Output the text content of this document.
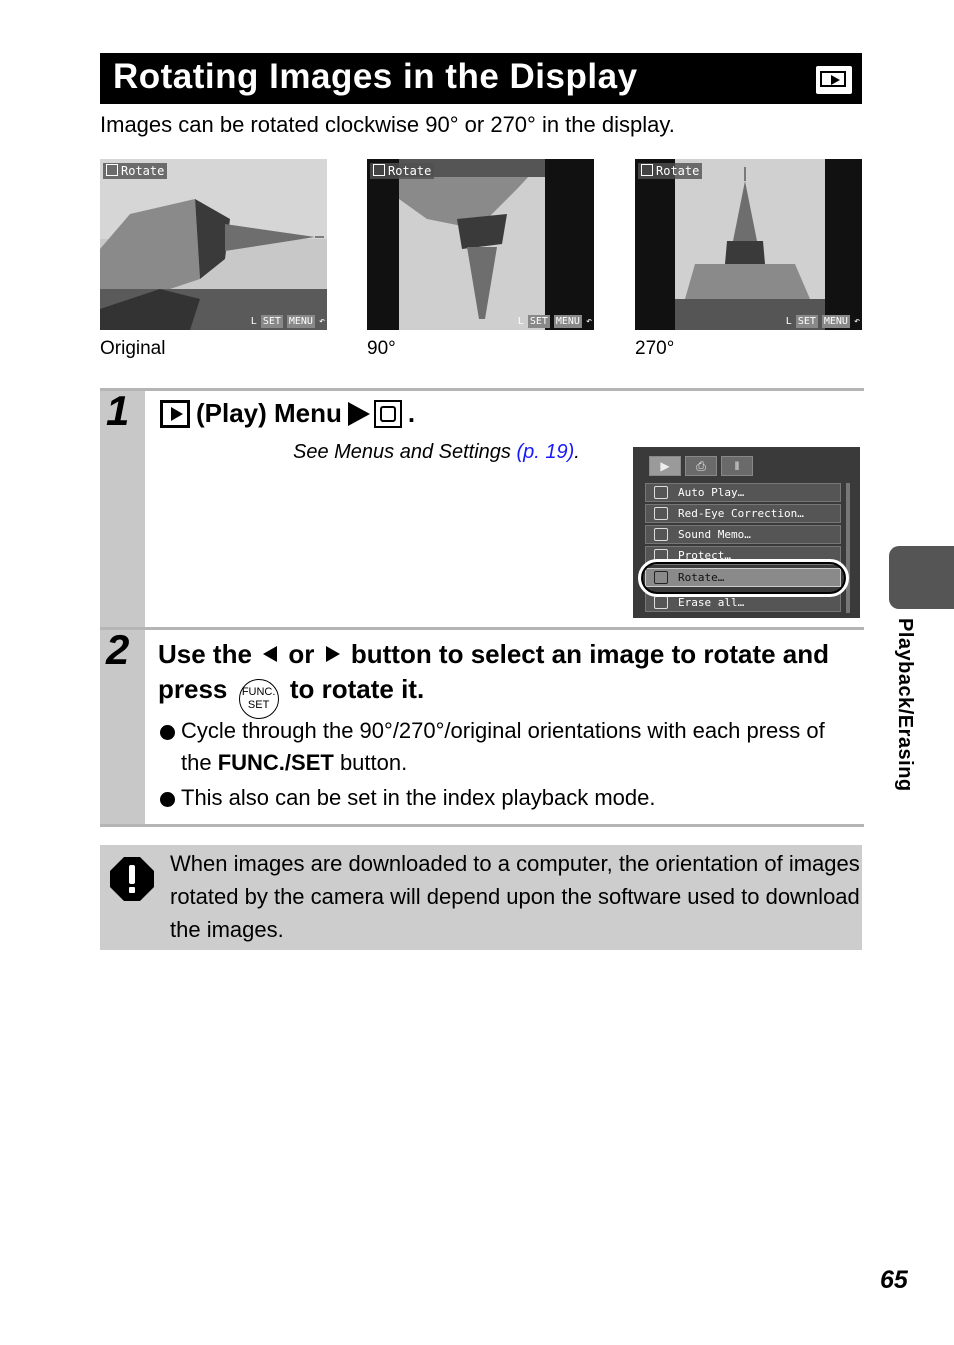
Rotating Images in the Display
Images can be rotated clockwise 90° or 270° in the display.
Rotate
L SET MENU ↶
Original
Rotate
L SET MENU ↶
90°
Rotate
L SET MENU ↶
270°
1	(Play) Menu	.
See Menus and Settings (p. 19).
▶	⎙	ǁ
Auto Play…
Red-Eye Correction…
Sound Memo…
Protect…
Rotate…
Erase all…
2 Use the or button to select an image to rotate and press FUNC.
SET to rotate it.
Cycle through the 90°/270°/original orientations with each press of the FUNC./SET button.
This also can be set in the index playback mode.
When images are downloaded to a computer, the orientation of images rotated by the camera will depend upon the software used to download the images.
Playback/Erasing
65
